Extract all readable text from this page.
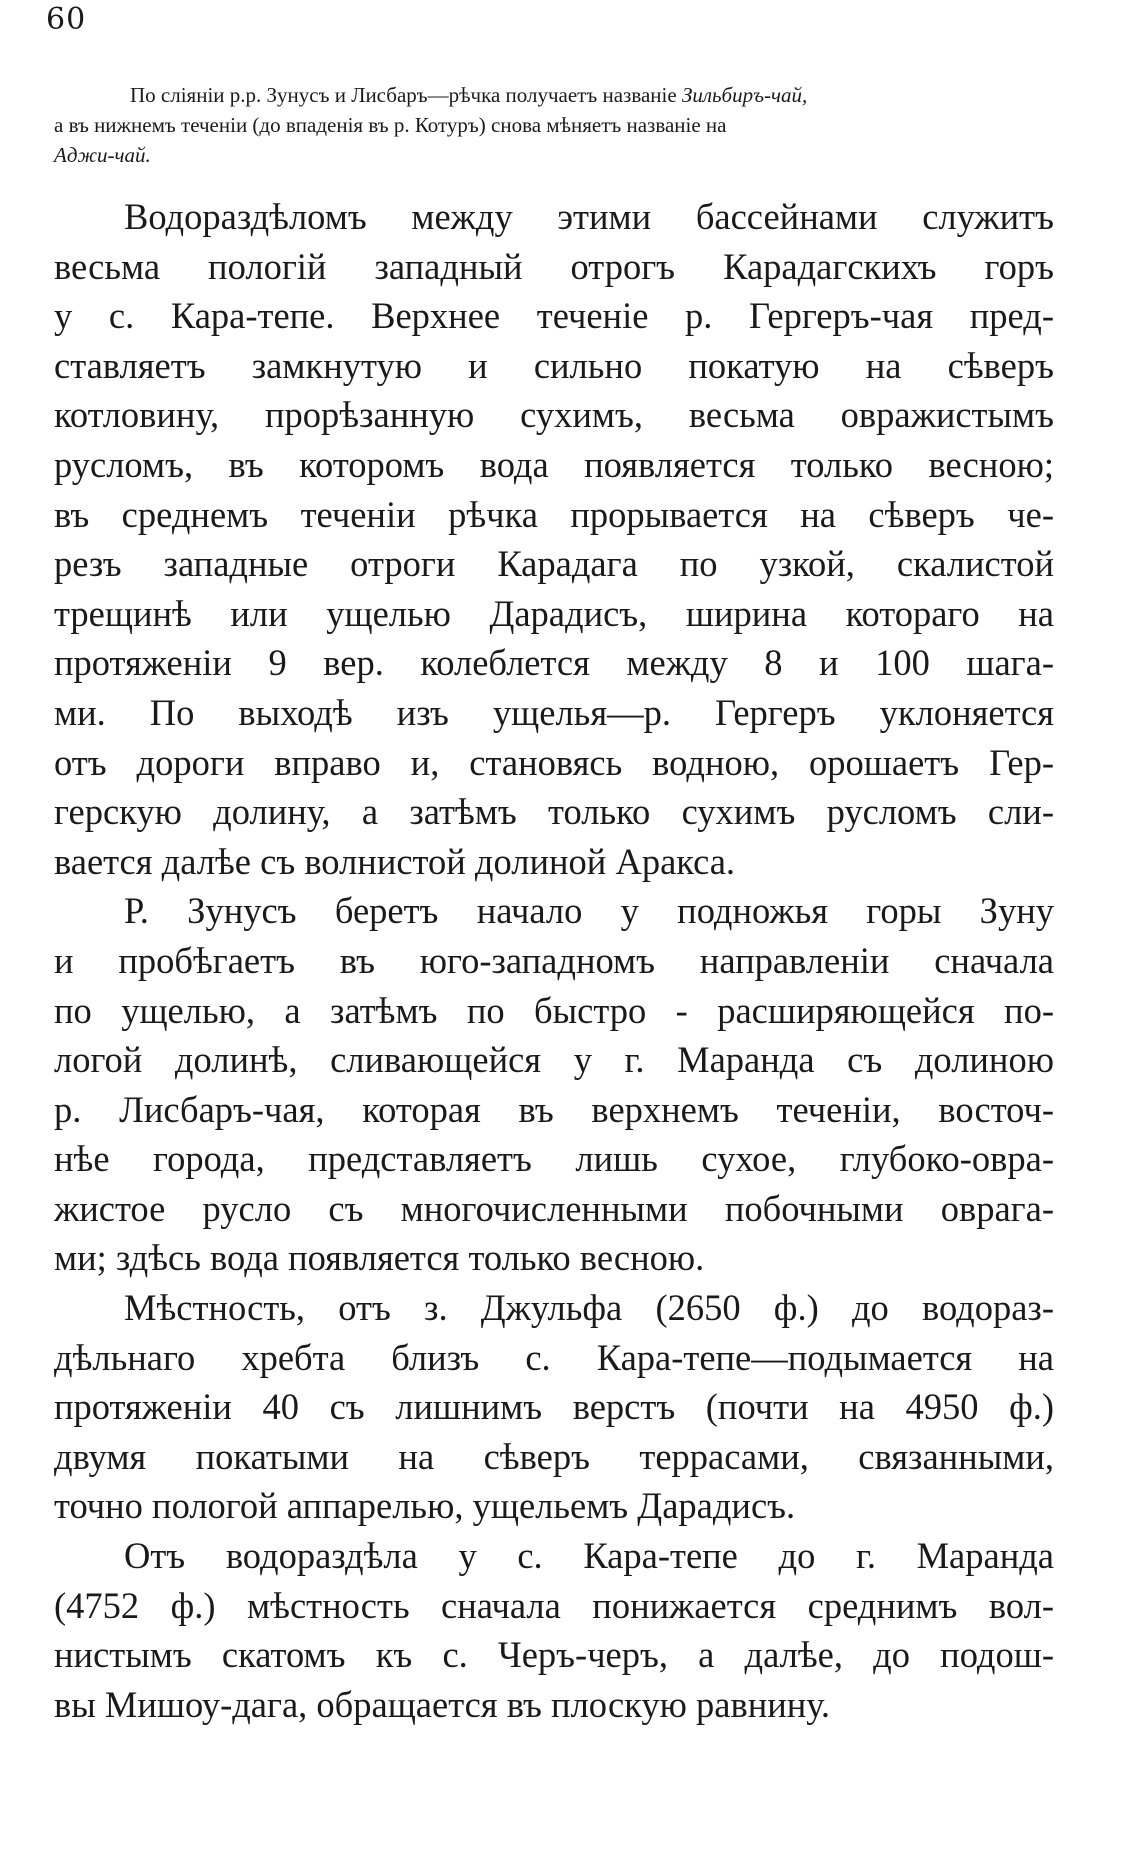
60
По сліяніи р.р. Зунусъ и Лисбаръ—рѣчка получаетъ названіе Зильбиръ-чай,
а въ нижнемъ теченіи (до впаденія въ р. Котуръ) снова мѣняетъ названіе на
Аджи-чай.
Водораздѣломъ между этими бассейнами служитъ
весьма пологій западный отрогъ Карадагскихъ горъ
у с. Кара-тепе. Верхнее теченіе р. Гергеръ-чая пред-
ставляетъ замкнутую и сильно покатую на сѣверъ
котловину, прорѣзанную сухимъ, весьма овражистымъ
русломъ, въ которомъ вода появляется только весною;
въ среднемъ теченіи рѣчка прорывается на сѣверъ че-
резъ западные отроги Карадага по узкой, скалистой
трещинѣ или ущелью Дарадисъ, ширина котораго на
протяженіи 9 вер. колеблется между 8 и 100 шага-
ми. По выходѣ изъ ущелья—р. Гергеръ уклоняется
отъ дороги вправо и, становясь водною, орошаетъ Гер-
герскую долину, а затѣмъ только сухимъ русломъ сли-
вается далѣе съ волнистой долиной Аракса.
Р. Зунусъ беретъ начало у подножья горы Зуну
и пробѣгаетъ въ юго-западномъ направленіи сначала
по ущелью, а затѣмъ по быстро - расширяющейся по-
логой долинѣ, сливающейся у г. Маранда съ долиною
р. Лисбаръ-чая, которая въ верхнемъ теченіи, восточ-
нѣе города, представляетъ лишь сухое, глубоко-овра-
жистое русло съ многочисленными побочными оврага-
ми; здѣсь вода появляется только весною.
Мѣстность, отъ з. Джульфа (2650 ф.) до водораз-
дѣльнаго хребта близъ с. Кара-тепе—подымается на
протяженіи 40 съ лишнимъ верстъ (почти на 4950 ф.)
двумя покатыми на сѣверъ террасами, связанными,
точно пологой аппарелью, ущельемъ Дарадисъ.
Отъ водораздѣла у с. Кара-тепе до г. Маранда
(4752 ф.) мѣстность сначала понижается среднимъ вол-
нистымъ скатомъ къ с. Черъ-черъ, а далѣе, до подош-
вы Мишоу-дага, обращается въ плоскую равнину.
